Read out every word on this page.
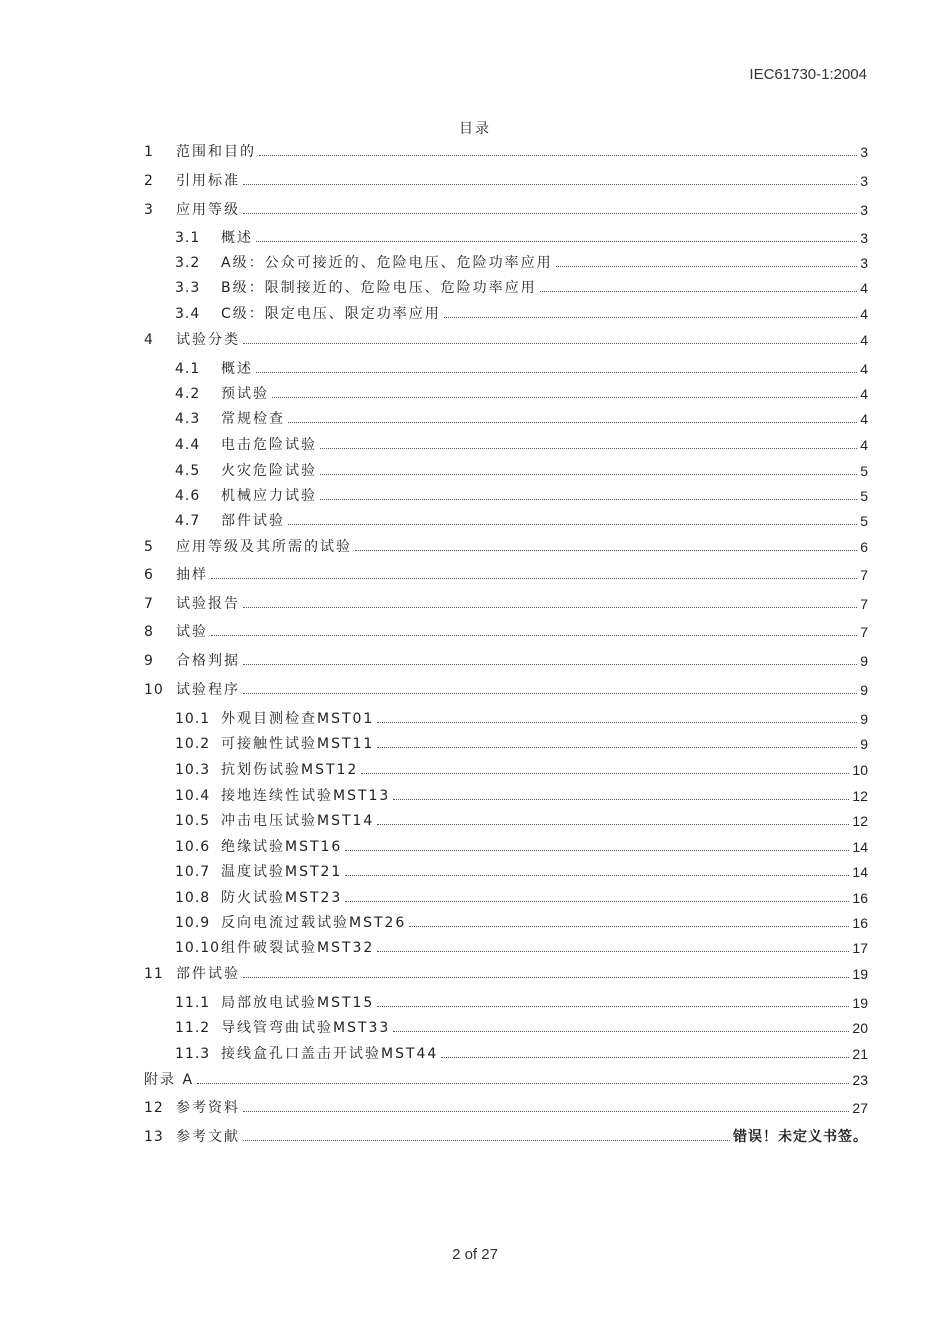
IEC61730-1:2004
目录
1	范围和目的	3
2	引用标准	3
3	应用等级	3
3.1	概述	3
3.2	A级：公众可接近的、危险电压、危险功率应用	3
3.3	B级：限制接近的、危险电压、危险功率应用	4
3.4	C级：限定电压、限定功率应用	4
4	试验分类	4
4.1	概述	4
4.2	预试验	4
4.3	常规检查	4
4.4	电击危险试验	4
4.5	火灾危险试验	5
4.6	机械应力试验	5
4.7	部件试验	5
5	应用等级及其所需的试验	6
6	抽样	7
7	试验报告	7
8	试验	7
9	合格判据	9
10 试验程序	9
10.1 外观目测检查MST01	9
10.2 可接触性试验MST11	9
10.3 抗划伤试验MST12	10
10.4 接地连续性试验MST13	12
10.5 冲击电压试验MST14	12
10.6 绝缘试验MST16	14
10.7 温度试验MST21	14
10.8 防火试验MST23	16
10.9 反向电流过载试验MST26	16
10.10 组件破裂试验MST32	17
11 部件试验	19
11.1 局部放电试验MST15	19
11.2 导线管弯曲试验MST33	20
11.3 接线盒孔口盖击开试验MST44	21
附录 A	23
12 参考资料	27
13 参考文献	错误！未定义书签。
2 of 27
